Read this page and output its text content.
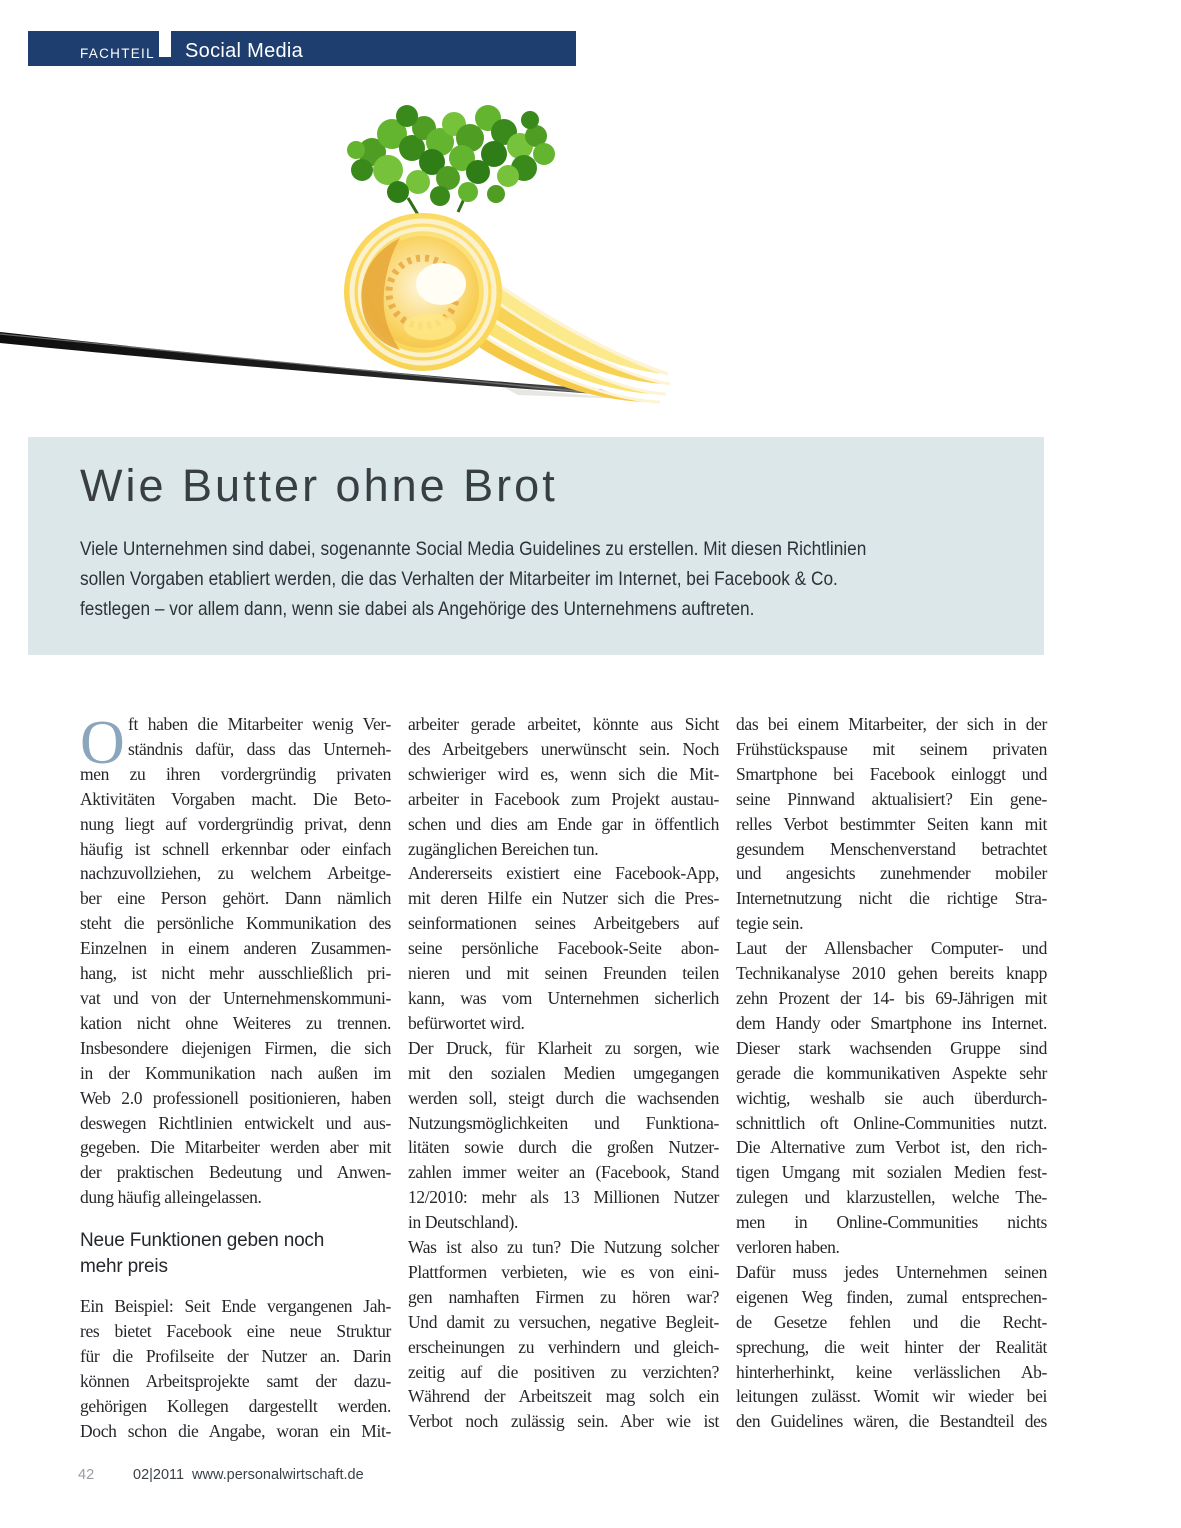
FACHTEIL Social Media
Wie Butter ohne Brot
Viele Unternehmen sind dabei, sogenannte Social Media Guidelines zu erstellen. Mit diesen Richtlinien
sollen Vorgaben etabliert werden, die das Verhalten der Mitarbeiter im Internet, bei Facebook & Co.
festlegen – vor allem dann, wenn sie dabei als Angehörige des Unternehmens auftreten.
O ft haben die Mitarbeiter wenig Ver-
ständnis dafür, dass das Unterneh-
men zu ihren vordergründig privaten
Aktivitäten Vorgaben macht. Die Beto-
nung liegt auf vordergründig privat, denn
häufig ist schnell erkennbar oder einfach
nachzuvollziehen, zu welchem Arbeitge-
ber eine Person gehört. Dann nämlich
steht die persönliche Kommunikation des
Einzelnen in einem anderen Zusammen-
hang, ist nicht mehr ausschließlich pri-
vat und von der Unternehmenskommuni-
kation nicht ohne Weiteres zu trennen.
Insbesondere diejenigen Firmen, die sich
in der Kommunikation nach außen im
Web 2.0 professionell positionieren, haben
deswegen Richtlinien entwickelt und aus-
gegeben. Die Mitarbeiter werden aber mit
der praktischen Bedeutung und Anwen-
dung häufig alleingelassen.
Neue Funktionen geben noch
mehr preis
Ein Beispiel: Seit Ende vergangenen Jah-
res bietet Facebook eine neue Struktur
für die Profilseite der Nutzer an. Darin
können Arbeitsprojekte samt der dazu-
gehörigen Kollegen dargestellt werden.
Doch schon die Angabe, woran ein Mit-
arbeiter gerade arbeitet, könnte aus Sicht
des Arbeitgebers unerwünscht sein. Noch
schwieriger wird es, wenn sich die Mit-
arbeiter in Facebook zum Projekt austau-
schen und dies am Ende gar in öffentlich
zugänglichen Bereichen tun.
Andererseits existiert eine Facebook-App,
mit deren Hilfe ein Nutzer sich die Pres-
seinformationen seines Arbeitgebers auf
seine persönliche Facebook-Seite abon-
nieren und mit seinen Freunden teilen
kann, was vom Unternehmen sicherlich
befürwortet wird.
Der Druck, für Klarheit zu sorgen, wie
mit den sozialen Medien umgegangen
werden soll, steigt durch die wachsenden
Nutzungsmöglichkeiten und Funktiona-
litäten sowie durch die großen Nutzer-
zahlen immer weiter an (Facebook, Stand
12/2010: mehr als 13 Millionen Nutzer
in Deutschland).
Was ist also zu tun? Die Nutzung solcher
Plattformen verbieten, wie es von eini-
gen namhaften Firmen zu hören war?
Und damit zu versuchen, negative Begleit-
erscheinungen zu verhindern und gleich-
zeitig auf die positiven zu verzichten?
Während der Arbeitszeit mag solch ein
Verbot noch zulässig sein. Aber wie ist
das bei einem Mitarbeiter, der sich in der
Frühstückspause mit seinem privaten
Smartphone bei Facebook einloggt und
seine Pinnwand aktualisiert? Ein gene-
relles Verbot bestimmter Seiten kann mit
gesundem Menschenverstand betrachtet
und angesichts zunehmender mobiler
Internetnutzung nicht die richtige Stra-
tegie sein.
Laut der Allensbacher Computer- und
Technikanalyse 2010 gehen bereits knapp
zehn Prozent der 14- bis 69-Jährigen mit
dem Handy oder Smartphone ins Internet.
Dieser stark wachsenden Gruppe sind
gerade die kommunikativen Aspekte sehr
wichtig, weshalb sie auch überdurch-
schnittlich oft Online-Communities nutzt.
Die Alternative zum Verbot ist, den rich-
tigen Umgang mit sozialen Medien fest-
zulegen und klarzustellen, welche The-
men in Online-Communities nichts
verloren haben.
Dafür muss jedes Unternehmen seinen
eigenen Weg finden, zumal entsprechen-
de Gesetze fehlen und die Recht-
sprechung, die weit hinter der Realität
hinterherhinkt, keine verlässlichen Ab-
leitungen zulässt. Womit wir wieder bei
den Guidelines wären, die Bestandteil des
42	02|2011 www.personalwirtschaft.de
